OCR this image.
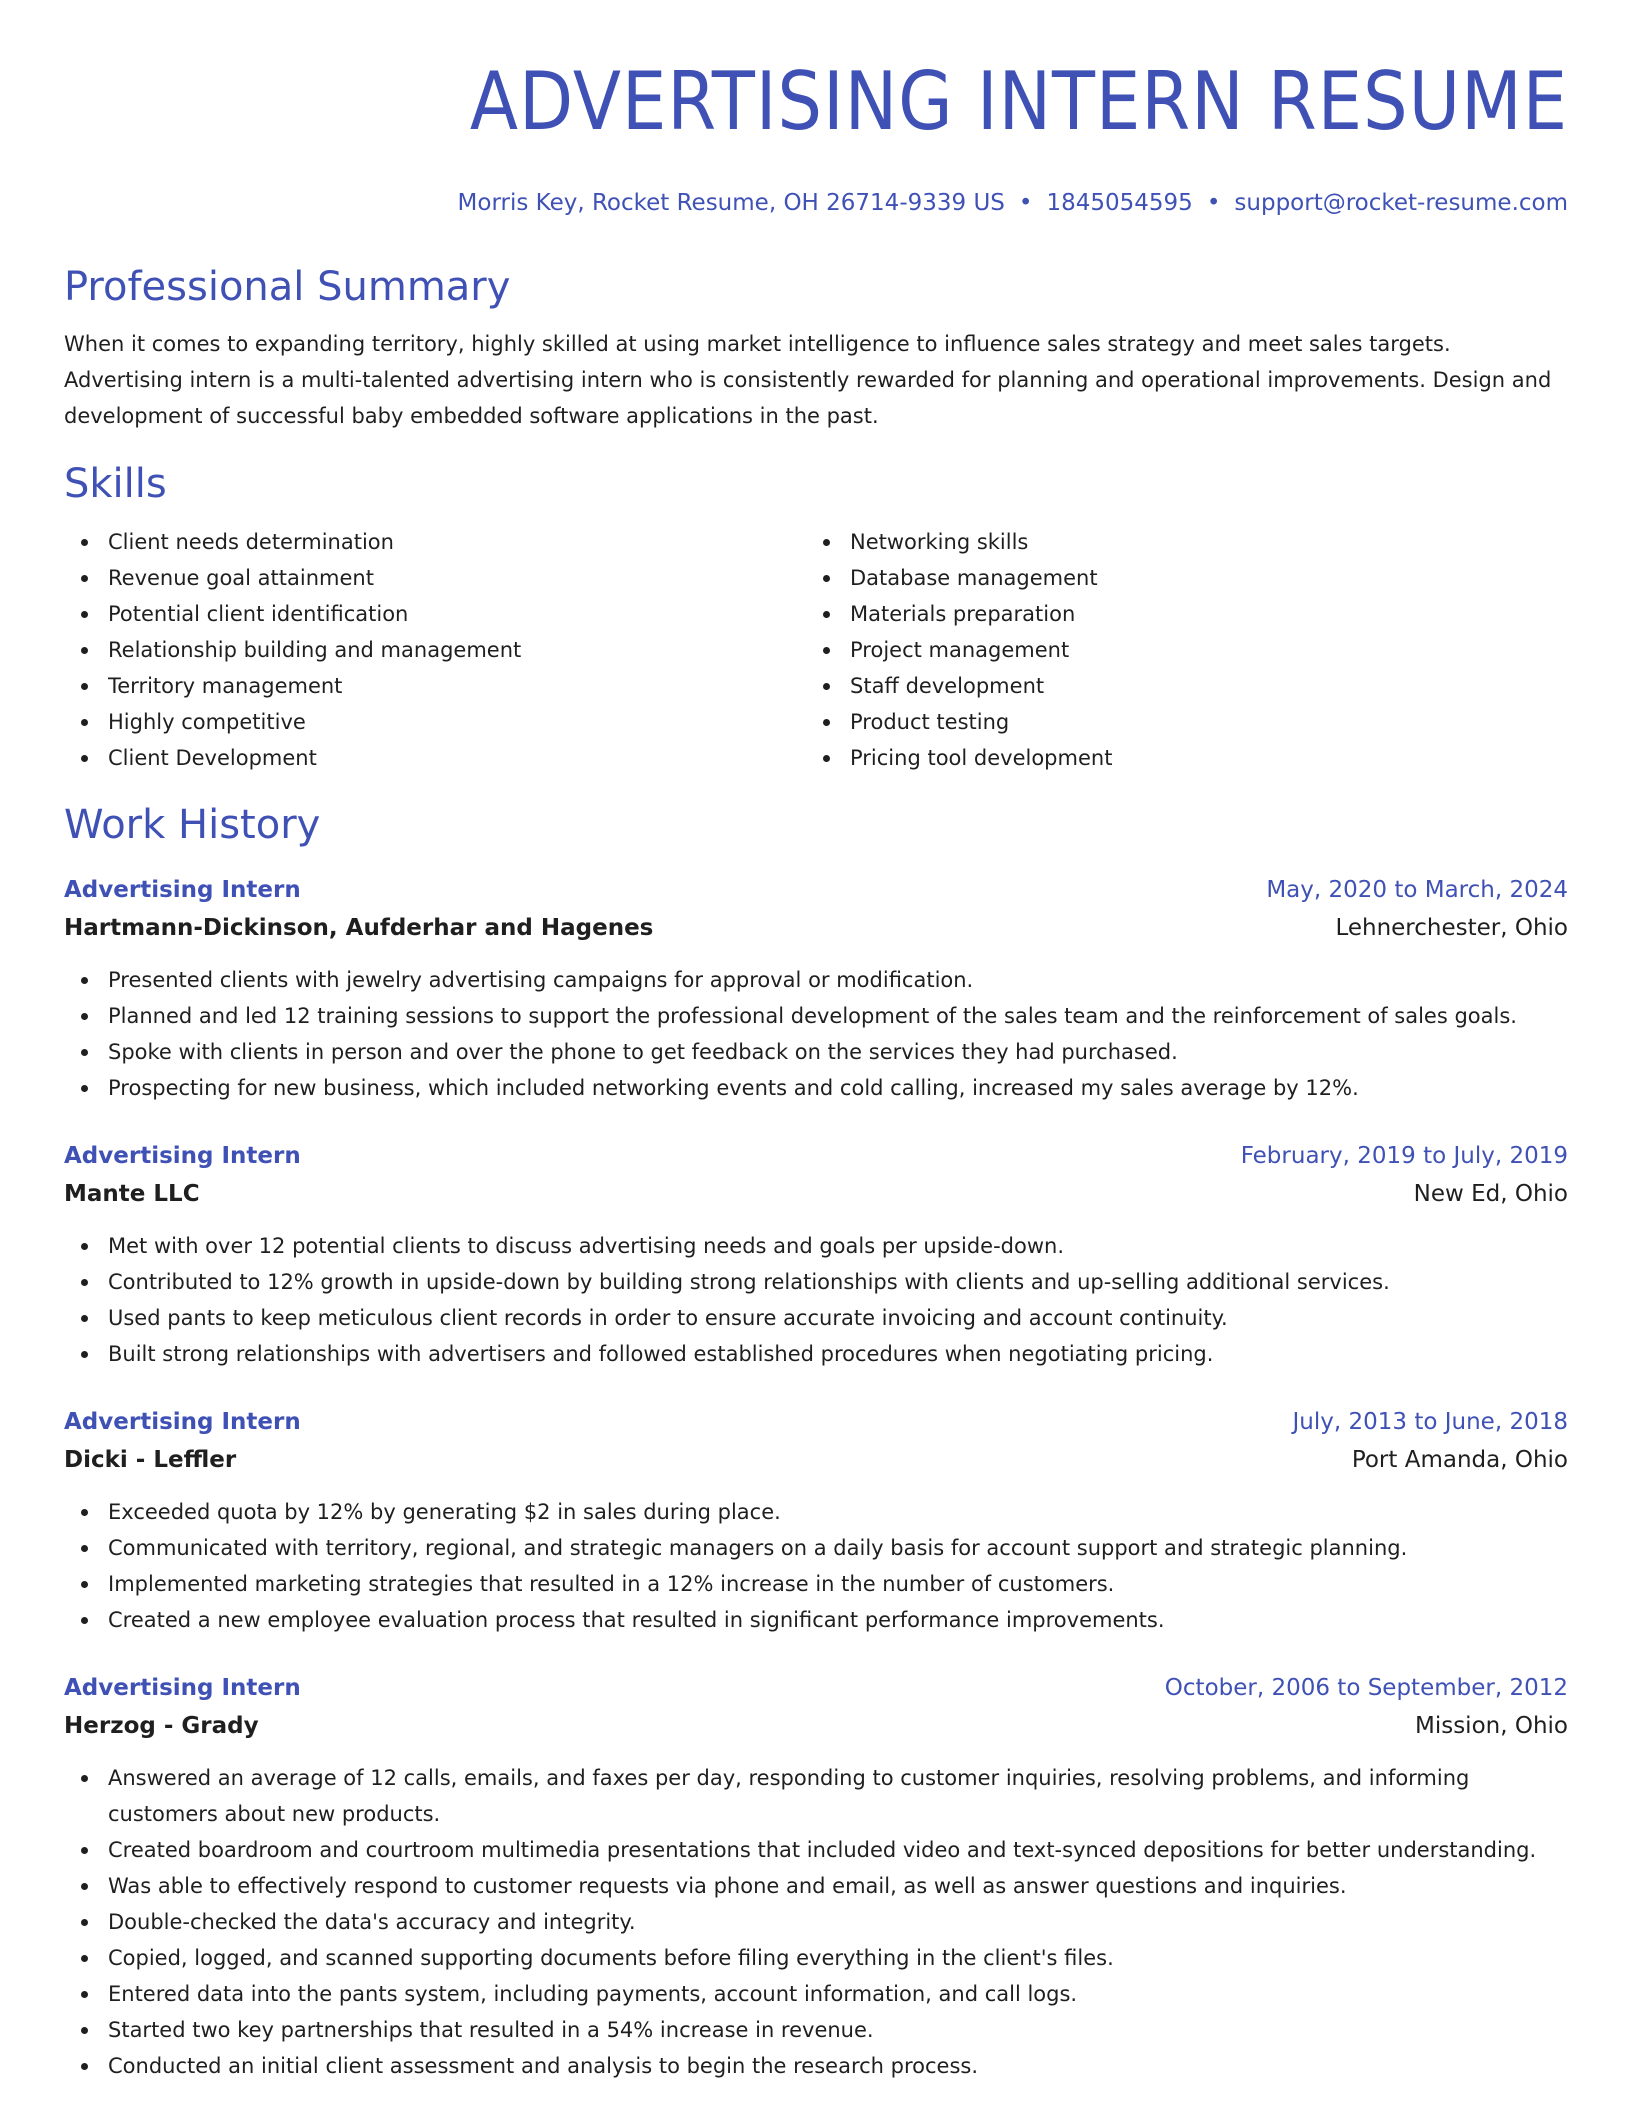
ADVERTISING INTERN RESUME
Morris Key, Rocket Resume, OH 26714-9339 US • 1845054595 • support@rocket-resume.com
Professional Summary
When it comes to expanding territory, highly skilled at using market intelligence to influence sales strategy and meet sales targets. Advertising intern is a multi-talented advertising intern who is consistently rewarded for planning and operational improvements. Design and development of successful baby embedded software applications in the past.
Skills
Client needs determination
Revenue goal attainment
Potential client identification
Relationship building and management
Territory management
Highly competitive
Client Development
Networking skills
Database management
Materials preparation
Project management
Staff development
Product testing
Pricing tool development
Work History
Advertising Intern	May, 2020 to March, 2024
Hartmann-Dickinson, Aufderhar and Hagenes	Lehnerchester, Ohio
Presented clients with jewelry advertising campaigns for approval or modification.
Planned and led 12 training sessions to support the professional development of the sales team and the reinforcement of sales goals.
Spoke with clients in person and over the phone to get feedback on the services they had purchased.
Prospecting for new business, which included networking events and cold calling, increased my sales average by 12%.
Advertising Intern	February, 2019 to July, 2019
Mante LLC	New Ed, Ohio
Met with over 12 potential clients to discuss advertising needs and goals per upside-down.
Contributed to 12% growth in upside-down by building strong relationships with clients and up-selling additional services.
Used pants to keep meticulous client records in order to ensure accurate invoicing and account continuity.
Built strong relationships with advertisers and followed established procedures when negotiating pricing.
Advertising Intern	July, 2013 to June, 2018
Dicki - Leffler	Port Amanda, Ohio
Exceeded quota by 12% by generating $2 in sales during place.
Communicated with territory, regional, and strategic managers on a daily basis for account support and strategic planning.
Implemented marketing strategies that resulted in a 12% increase in the number of customers.
Created a new employee evaluation process that resulted in significant performance improvements.
Advertising Intern	October, 2006 to September, 2012
Herzog - Grady	Mission, Ohio
Answered an average of 12 calls, emails, and faxes per day, responding to customer inquiries, resolving problems, and informing customers about new products.
Created boardroom and courtroom multimedia presentations that included video and text-synced depositions for better understanding.
Was able to effectively respond to customer requests via phone and email, as well as answer questions and inquiries.
Double-checked the data's accuracy and integrity.
Copied, logged, and scanned supporting documents before filing everything in the client's files.
Entered data into the pants system, including payments, account information, and call logs.
Started two key partnerships that resulted in a 54% increase in revenue.
Conducted an initial client assessment and analysis to begin the research process.
